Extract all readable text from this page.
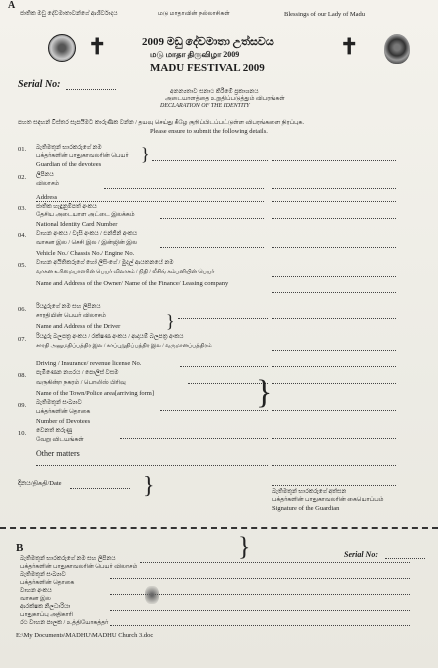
A
ජාතික මඩු දේවමාතාවන්ගේ ආශීර්වාදය	மடு மாதாவின் நல்லாசிகள்	Blessings of our Lady of Madu
✝	✝
2009 මඩු දේවමාතා උත්සවය
மடு மாதா திருவிழா 2009
MADU FESTIVAL 2009
Serial No:
අනන්‍යතාව සනාථ කිරීමේ ප්‍රකාශනය
அடையாளத்தை உறுதிப்படுத்தும் விபரங்கள்
DECLARATION OF THE IDENTITY
පහත සඳහන් විස්තර සැපයීමට කාරුණික වන්න / தயவு செய்து கீழே குறிப்பிடப்பட்டுள்ள விபரங்களை நிரப்புக.
Please ensure to submit the following details.
01. බැතිමතුන් භාරකරුගේ නම
பக்தர்களின் பாதுகாவலரின் பெயர்
Guardian of the devotees
}
02. ලිපිනය
விலாசம்
Address
03. ජාතික හැඳුනුම්පත් අංකය
தேசிய அடையாள அட்டை இலக்கம்
National Identity Card Number
04. වාහන අංකය / චැසි අංකය / එන්ජින් අංකය
வாகன இல / செசி இல / இன்ஜின் இல
Vehicle No./ Chassis No./ Engine No.
05. වාහන අයිතිකරුගේ හෝ ලීසිංගේ / මුදල් ආයතනයේ නම
வாகன உரிமையாளரின் பெயர் விலாசம் / நிதி / லீசிங் கம்பனியின் பெயர்
Name and Address of the Owner/ Name of the Finance/ Leasing company
06. රියදුරුගේ නම සහ ලිපිනය
சாரதியின் பெயர் விலாசம்
Name and Address of the Driver	}
07. රියදුරු බලපත්‍ර අංකය / රක්ෂණ අංකය / ආදායම් බලපත්‍ර අංකය
சாரதி அனுமதிப்பத்திர இல / காப்புறுதிப்பத்திர இல / வருமானப்பத்திரம்
Driving / Insurance/ revenue license No.
08. පැමිණෙන නගරය / පොලිස් වසම
வருகின்ற நகரம் / பொலிஸ் பிரிவு
Name of the Town/Police area[arriving form]	}
09. බැතිමතුන් සංඛ්‍යාව
பக்தர்களின் தொகை
Number of Devotees
10. වෙනත් කරුණු
வேறு விடயங்கள்
Other matters
දිනය/திகதி/Date	}	බැතිමතුන් භාරකරුගේ අත්සන
பக்தர்களின் பாதுகாவலரின் கையொப்பம்
Signature of the Guardian
B
Serial No:
}
බැතිමතුන් භාරකරුගේ නම සහ ලිපිනය
பக்தர்களின் பாதுகாவலரின் பெயர் விலாசம்
බැතිමතුන් සංඛ්‍යාව
பக்தர்களின் தொகை
වාහන අංකය
வாகன இல
ආරක්ෂක නිලධාරියා
பாதுகாப்பு அதிகாரி
රථ වාහන පාලක / உத்தியோகத்தர்
E:\My Documents\MADHU\MADHU Church 3.doc
